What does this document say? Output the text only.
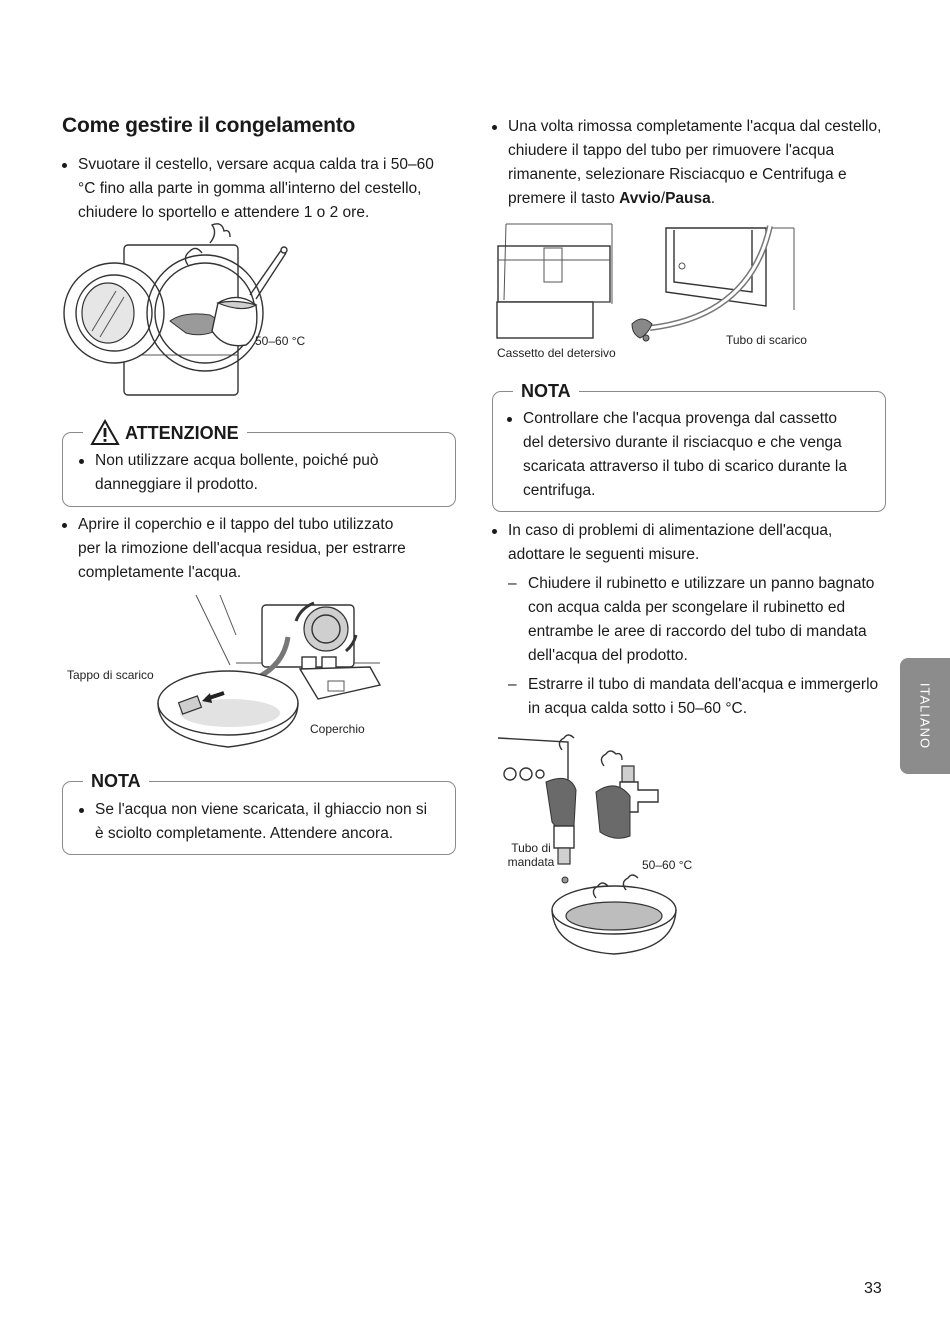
Come gestire il congelamento
Svuotare il cestello, versare acqua calda tra i 50–60
°C fino alla parte in gomma all'interno del cestello,
chiudere lo sportello e attendere 1 o 2 ore.
50–60 °C
ATTENZIONE
Non utilizzare acqua bollente, poiché può
danneggiare il prodotto.
Aprire il coperchio e il tappo del tubo utilizzato
per la rimozione dell'acqua residua, per estrarre
completamente l'acqua.
Tappo di scarico
Coperchio
NOTA
Se l'acqua non viene scaricata, il ghiaccio non si
è sciolto completamente. Attendere ancora.
Una volta rimossa completamente l'acqua dal cestello,
chiudere il tappo del tubo per rimuovere l'acqua
rimanente, selezionare Risciacquo e Centrifuga e
premere il tasto Avvio/Pausa.
Cassetto del detersivo
Tubo di scarico
NOTA
Controllare che l'acqua provenga dal cassetto
del detersivo durante il risciacquo e che venga
scaricata attraverso il tubo di scarico durante la
centrifuga.
In caso di problemi di alimentazione dell'acqua,
adottare le seguenti misure.
– Chiudere il rubinetto e utilizzare un panno bagnato
con acqua calda per scongelare il rubinetto ed
entrambe le aree di raccordo del tubo di mandata
dell'acqua del prodotto.
– Estrarre il tubo di mandata dell'acqua e immergerlo
in acqua calda sotto i 50–60 °C.
Tubo di
mandata	50–60 °C
ITALIANO
33
